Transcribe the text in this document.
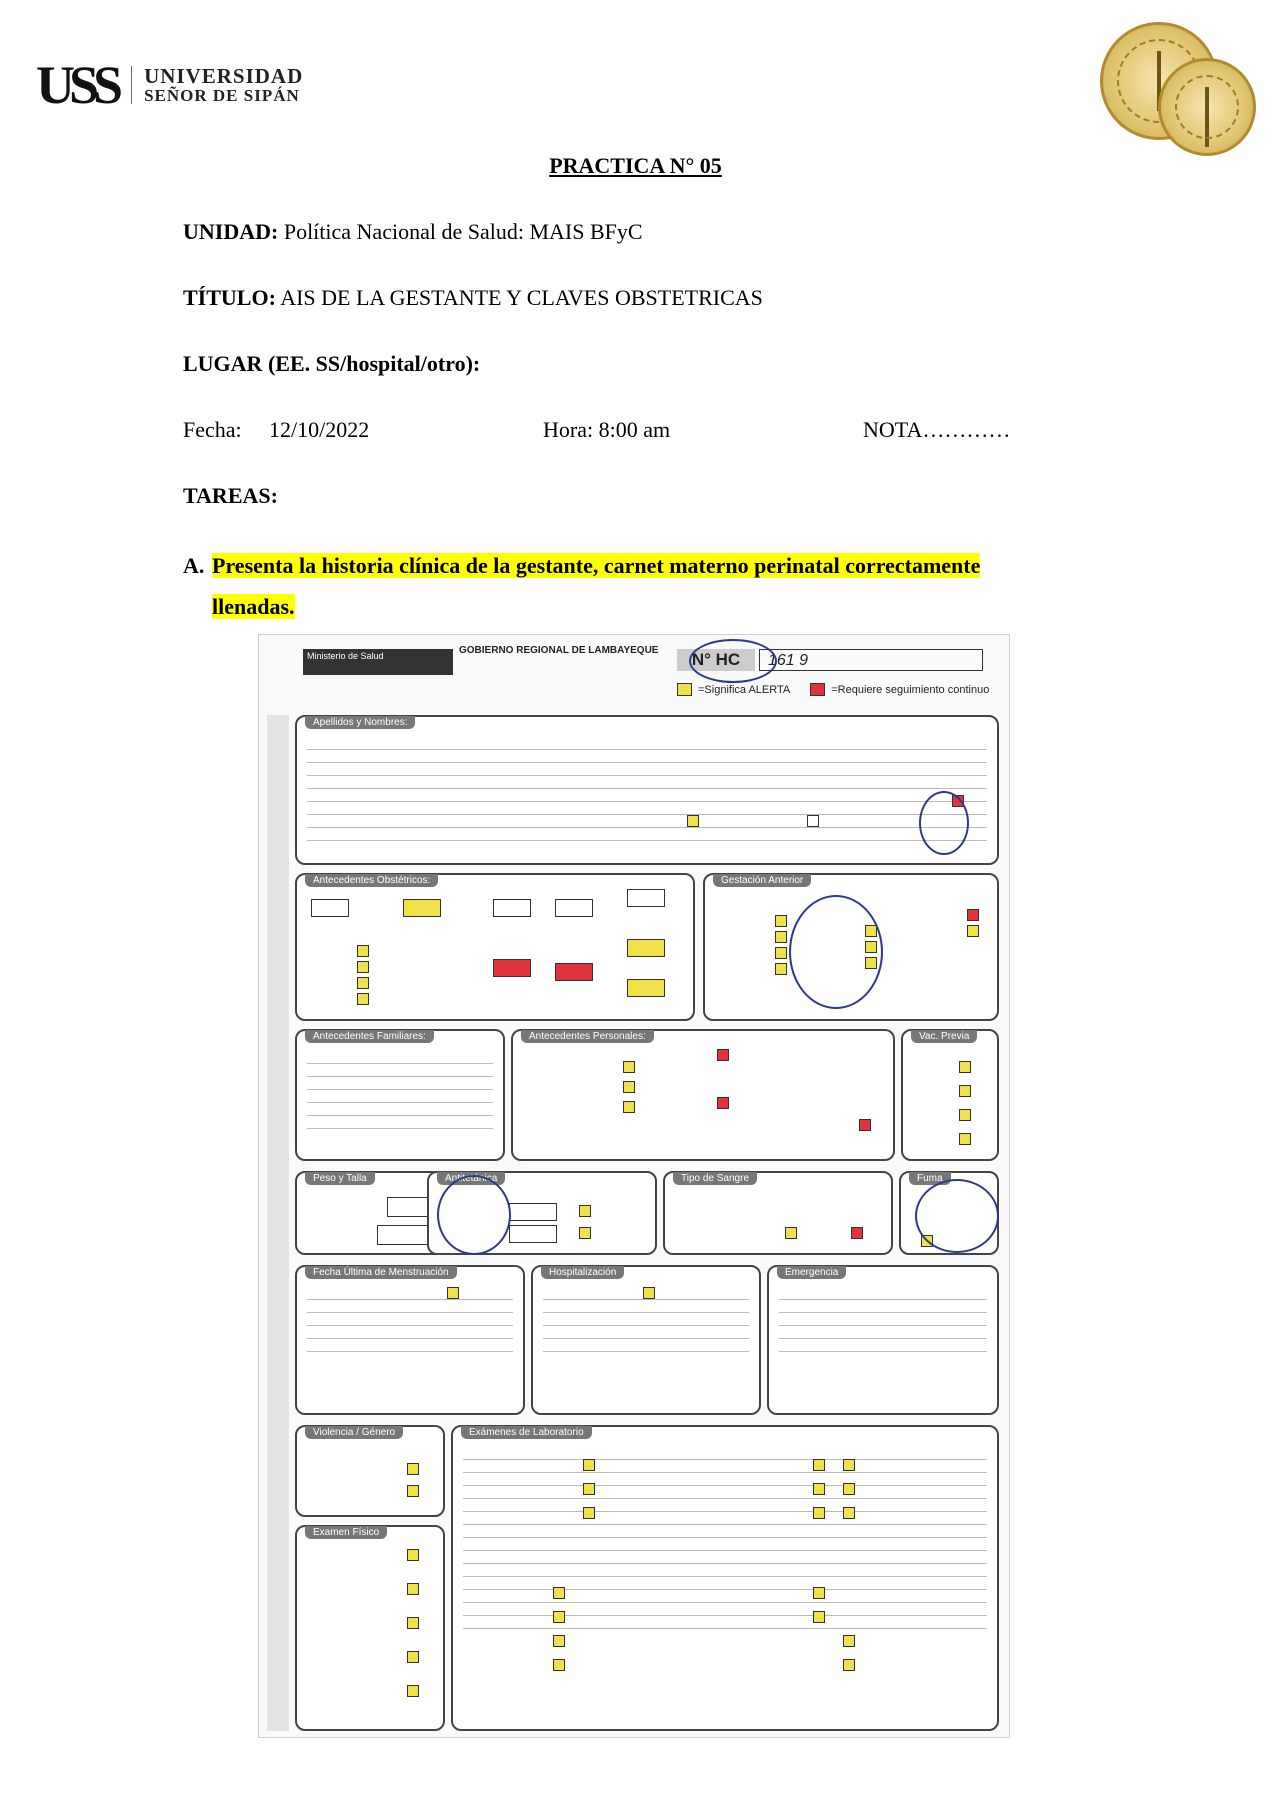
USS UNIVERSIDAD
SEÑOR DE SIPÁN
PRACTICA N° 05
UNIDAD: Política Nacional de Salud: MAIS BFyC
TÍTULO: AIS DE LA GESTANTE Y CLAVES OBSTETRICAS
LUGAR (EE. SS/hospital/otro):
Fecha: 12/10/2022	Hora: 8:00 am	NOTA…………
TAREAS:
A. Presenta la historia clínica de la gestante, carnet materno perinatal correctamente
llenadas.
Ministerio de Salud	GOBIERNO REGIONAL DE LAMBAYEQUE	N° HC	161 9
=Significa ALERTA	=Requiere seguimiento continuo
Apellidos y Nombres:
Antecedentes Obstétricos:	Gestación Anterior
Antecedentes Familiares:	Antecedentes Personales:	Vac. Previa
Peso y Talla	Antitetánica	Tipo de Sangre	Fuma
Fecha Última de Menstruación	Hospitalización	Emergencia
Violencia / Género	Exámenes de Laboratorio
Examen Físico
